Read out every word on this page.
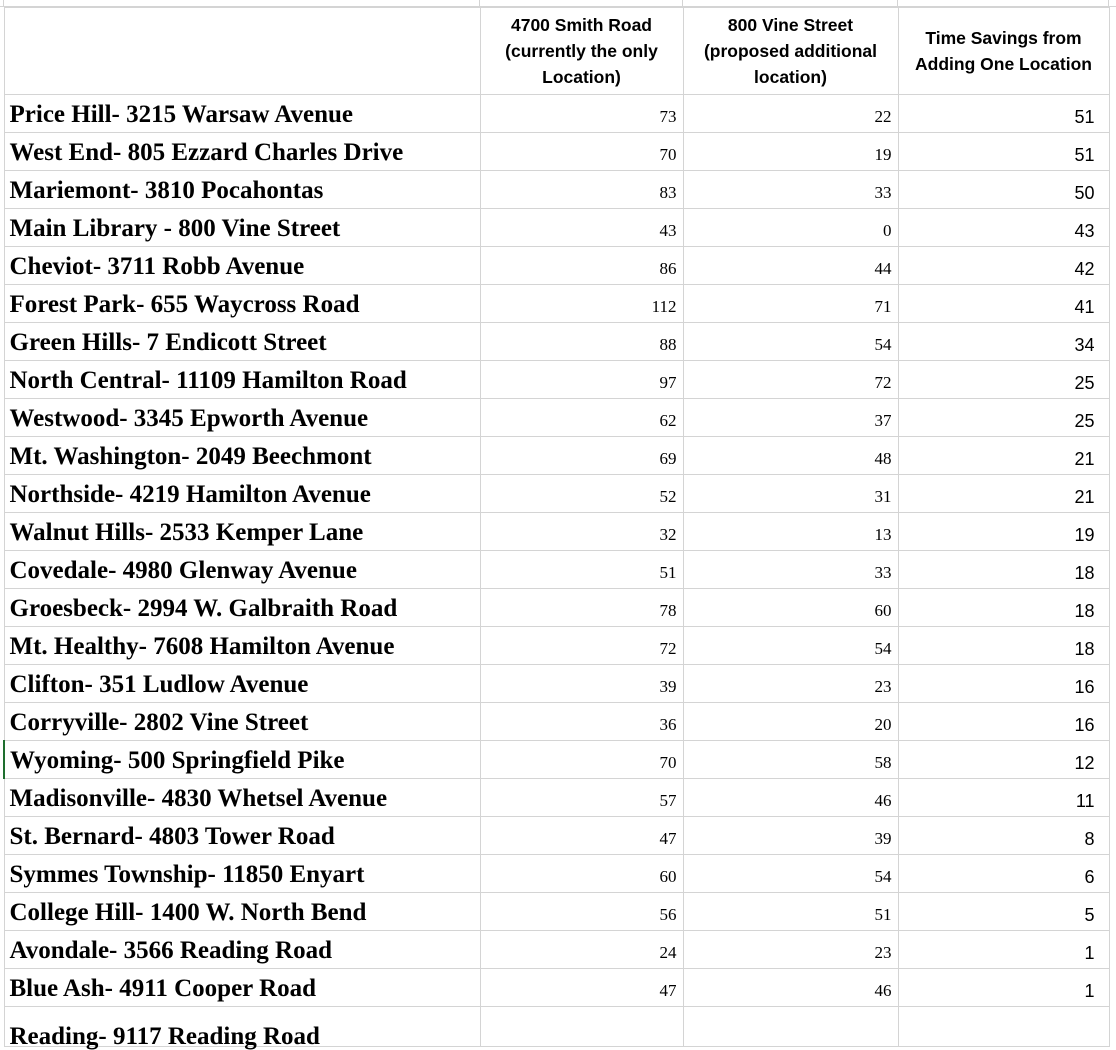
	4700 Smith Road (currently the only Location)	800 Vine Street (proposed additional location)	Time Savings from Adding One Location
Price Hill- 3215 Warsaw Avenue	73	22	51
West End- 805 Ezzard Charles Drive	70	19	51
Mariemont- 3810 Pocahontas	83	33	50
Main Library - 800 Vine Street	43	0	43
Cheviot- 3711 Robb Avenue	86	44	42
Forest Park- 655 Waycross Road	112	71	41
Green Hills- 7 Endicott Street	88	54	34
North Central- 11109 Hamilton Road	97	72	25
Westwood- 3345 Epworth Avenue	62	37	25
Mt. Washington- 2049 Beechmont	69	48	21
Northside- 4219 Hamilton Avenue	52	31	21
Walnut Hills- 2533 Kemper Lane	32	13	19
Covedale- 4980 Glenway Avenue	51	33	18
Groesbeck- 2994 W. Galbraith Road	78	60	18
Mt. Healthy- 7608 Hamilton Avenue	72	54	18
Clifton- 351 Ludlow Avenue	39	23	16
Corryville- 2802 Vine Street	36	20	16
Wyoming- 500 Springfield Pike	70	58	12
Madisonville- 4830 Whetsel Avenue	57	46	11
St. Bernard- 4803 Tower Road	47	39	8
Symmes Township- 11850 Enyart	60	54	6
College Hill- 1400 W. North Bend	56	51	5
Avondale- 3566 Reading Road	24	23	1
Blue Ash- 4911 Cooper Road	47	46	1
Reading- 9117 Reading Road			
